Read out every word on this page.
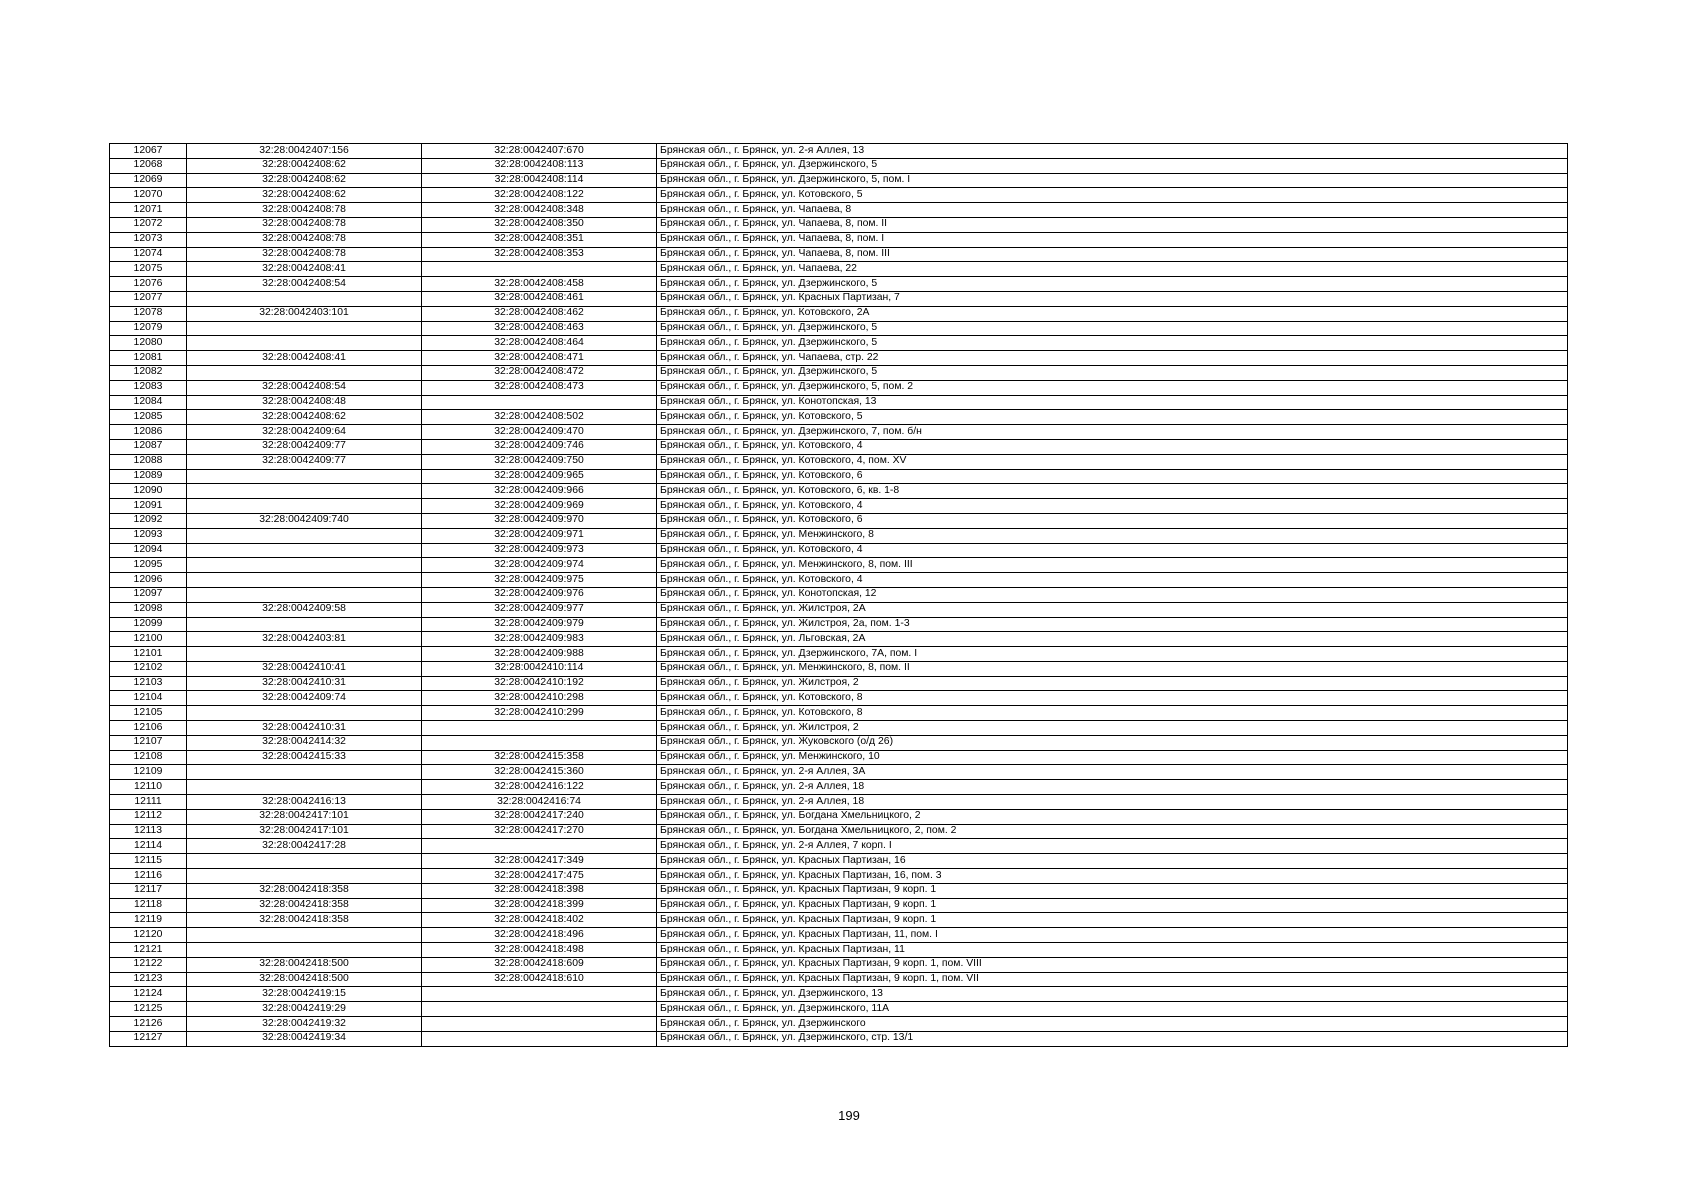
12067	32:28:0042407:156	32:28:0042407:670	Брянская обл., г. Брянск, ул. 2-я Аллея, 13
12068	32:28:0042408:62	32:28:0042408:113	Брянская обл., г. Брянск, ул. Дзержинского, 5
12069	32:28:0042408:62	32:28:0042408:114	Брянская обл., г. Брянск, ул. Дзержинского, 5, пом. I
12070	32:28:0042408:62	32:28:0042408:122	Брянская обл., г. Брянск, ул. Котовского, 5
12071	32:28:0042408:78	32:28:0042408:348	Брянская обл., г. Брянск, ул. Чапаева, 8
12072	32:28:0042408:78	32:28:0042408:350	Брянская обл., г. Брянск, ул. Чапаева, 8, пом. II
12073	32:28:0042408:78	32:28:0042408:351	Брянская обл., г. Брянск, ул. Чапаева, 8, пом. I
12074	32:28:0042408:78	32:28:0042408:353	Брянская обл., г. Брянск, ул. Чапаева, 8, пом. III
12075	32:28:0042408:41		Брянская обл., г. Брянск, ул. Чапаева, 22
12076	32:28:0042408:54	32:28:0042408:458	Брянская обл., г. Брянск, ул. Дзержинского, 5
12077		32:28:0042408:461	Брянская обл., г. Брянск, ул. Красных Партизан, 7
12078	32:28:0042403:101	32:28:0042408:462	Брянская обл., г. Брянск, ул. Котовского, 2А
12079		32:28:0042408:463	Брянская обл., г. Брянск, ул. Дзержинского, 5
12080		32:28:0042408:464	Брянская обл., г. Брянск, ул. Дзержинского, 5
12081	32:28:0042408:41	32:28:0042408:471	Брянская обл., г. Брянск, ул. Чапаева, стр. 22
12082		32:28:0042408:472	Брянская обл., г. Брянск, ул. Дзержинского, 5
12083	32:28:0042408:54	32:28:0042408:473	Брянская обл., г. Брянск, ул. Дзержинского, 5, пом. 2
12084	32:28:0042408:48		Брянская обл., г. Брянск, ул. Конотопская, 13
12085	32:28:0042408:62	32:28:0042408:502	Брянская обл., г. Брянск, ул. Котовского, 5
12086	32:28:0042409:64	32:28:0042409:470	Брянская обл., г. Брянск, ул. Дзержинского, 7, пом. б/н
12087	32:28:0042409:77	32:28:0042409:746	Брянская обл., г. Брянск, ул. Котовского, 4
12088	32:28:0042409:77	32:28:0042409:750	Брянская обл., г. Брянск, ул. Котовского, 4, пом. XV
12089		32:28:0042409:965	Брянская обл., г. Брянск, ул. Котовского, 6
12090		32:28:0042409:966	Брянская обл., г. Брянск, ул. Котовского, 6, кв. 1-8
12091		32:28:0042409:969	Брянская обл., г. Брянск, ул. Котовского, 4
12092	32:28:0042409:740	32:28:0042409:970	Брянская обл., г. Брянск, ул. Котовского, 6
12093		32:28:0042409:971	Брянская обл., г. Брянск, ул. Менжинского, 8
12094		32:28:0042409:973	Брянская обл., г. Брянск, ул. Котовского, 4
12095		32:28:0042409:974	Брянская обл., г. Брянск, ул. Менжинского, 8, пом. III
12096		32:28:0042409:975	Брянская обл., г. Брянск, ул. Котовского, 4
12097		32:28:0042409:976	Брянская обл., г. Брянск, ул. Конотопская, 12
12098	32:28:0042409:58	32:28:0042409:977	Брянская обл., г. Брянск, ул. Жилстроя, 2А
12099		32:28:0042409:979	Брянская обл., г. Брянск, ул. Жилстроя, 2а, пом. 1-3
12100	32:28:0042403:81	32:28:0042409:983	Брянская обл., г. Брянск, ул. Льговская, 2А
12101		32:28:0042409:988	Брянская обл., г. Брянск, ул. Дзержинского, 7А, пом. I
12102	32:28:0042410:41	32:28:0042410:114	Брянская обл., г. Брянск, ул. Менжинского, 8, пом. II
12103	32:28:0042410:31	32:28:0042410:192	Брянская обл., г. Брянск, ул. Жилстроя, 2
12104	32:28:0042409:74	32:28:0042410:298	Брянская обл., г. Брянск, ул. Котовского, 8
12105		32:28:0042410:299	Брянская обл., г. Брянск, ул. Котовского, 8
12106	32:28:0042410:31		Брянская обл., г. Брянск, ул. Жилстроя, 2
12107	32:28:0042414:32		Брянская обл., г. Брянск, ул. Жуковского (о/д 26)
12108	32:28:0042415:33	32:28:0042415:358	Брянская обл., г. Брянск, ул. Менжинского, 10
12109		32:28:0042415:360	Брянская обл., г. Брянск, ул. 2-я Аллея, 3А
12110		32:28:0042416:122	Брянская обл., г. Брянск, ул. 2-я Аллея, 18
12111	32:28:0042416:13	32:28:0042416:74	Брянская обл., г. Брянск, ул. 2-я Аллея, 18
12112	32:28:0042417:101	32:28:0042417:240	Брянская обл., г. Брянск, ул. Богдана Хмельницкого, 2
12113	32:28:0042417:101	32:28:0042417:270	Брянская обл., г. Брянск, ул. Богдана Хмельницкого, 2, пом. 2
12114	32:28:0042417:28		Брянская обл., г. Брянск, ул. 2-я Аллея, 7 корп. I
12115		32:28:0042417:349	Брянская обл., г. Брянск, ул. Красных Партизан, 16
12116		32:28:0042417:475	Брянская обл., г. Брянск, ул. Красных Партизан, 16, пом. 3
12117	32:28:0042418:358	32:28:0042418:398	Брянская обл., г. Брянск, ул. Красных Партизан, 9 корп. 1
12118	32:28:0042418:358	32:28:0042418:399	Брянская обл., г. Брянск, ул. Красных Партизан, 9 корп. 1
12119	32:28:0042418:358	32:28:0042418:402	Брянская обл., г. Брянск, ул. Красных Партизан, 9 корп. 1
12120		32:28:0042418:496	Брянская обл., г. Брянск, ул. Красных Партизан, 11, пом. I
12121		32:28:0042418:498	Брянская обл., г. Брянск, ул. Красных Партизан, 11
12122	32:28:0042418:500	32:28:0042418:609	Брянская обл., г. Брянск, ул. Красных Партизан, 9 корп. 1, пом. VIII
12123	32:28:0042418:500	32:28:0042418:610	Брянская обл., г. Брянск, ул. Красных Партизан, 9 корп. 1, пом. VII
12124	32:28:0042419:15		Брянская обл., г. Брянск, ул. Дзержинского, 13
12125	32:28:0042419:29		Брянская обл., г. Брянск, ул. Дзержинского, 11А
12126	32:28:0042419:32		Брянская обл., г. Брянск, ул. Дзержинского
12127	32:28:0042419:34		Брянская обл., г. Брянск, ул. Дзержинского, стр. 13/1
199
